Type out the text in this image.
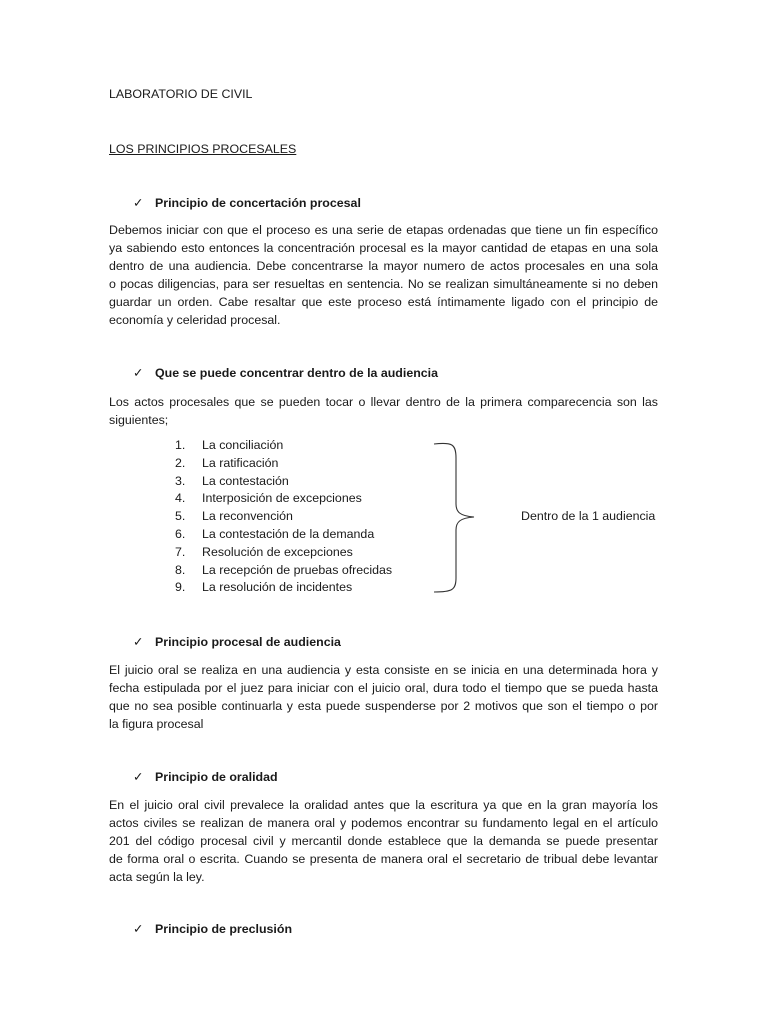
LABORATORIO DE CIVIL
LOS PRINCIPIOS PROCESALES
✓ Principio de concertación procesal
Debemos iniciar con que el proceso es una serie de etapas ordenadas que tiene un fin específico
ya sabiendo esto entonces la concentración procesal es la mayor cantidad de etapas en una sola
dentro de una audiencia. Debe concentrarse la mayor numero de actos procesales en una sola
o pocas diligencias, para ser resueltas en sentencia. No se realizan simultáneamente si no deben
guardar un orden. Cabe resaltar que este proceso está íntimamente ligado con el principio de
economía y celeridad procesal.
✓ Que se puede concentrar dentro de la audiencia
Los actos procesales que se pueden tocar o llevar dentro de la primera comparecencia son las
siguientes;
1. La conciliación
2. La ratificación
3. La contestación
4. Interposición de excepciones
5. La reconvención
6. La contestación de la demanda
7. Resolución de excepciones
8. La recepción de pruebas ofrecidas
9. La resolución de incidentes
Dentro de la 1 audiencia
✓ Principio procesal de audiencia
El juicio oral se realiza en una audiencia y esta consiste en se inicia en una determinada hora y
fecha estipulada por el juez para iniciar con el juicio oral, dura todo el tiempo que se pueda hasta
que no sea posible continuarla y esta puede suspenderse por 2 motivos que son el tiempo o por
la figura procesal
✓ Principio de oralidad
En el juicio oral civil prevalece la oralidad antes que la escritura ya que en la gran mayoría los
actos civiles se realizan de manera oral y podemos encontrar su fundamento legal en el artículo
201 del código procesal civil y mercantil donde establece que la demanda se puede presentar
de forma oral o escrita. Cuando se presenta de manera oral el secretario de tribual debe levantar
acta según la ley.
✓ Principio de preclusión
